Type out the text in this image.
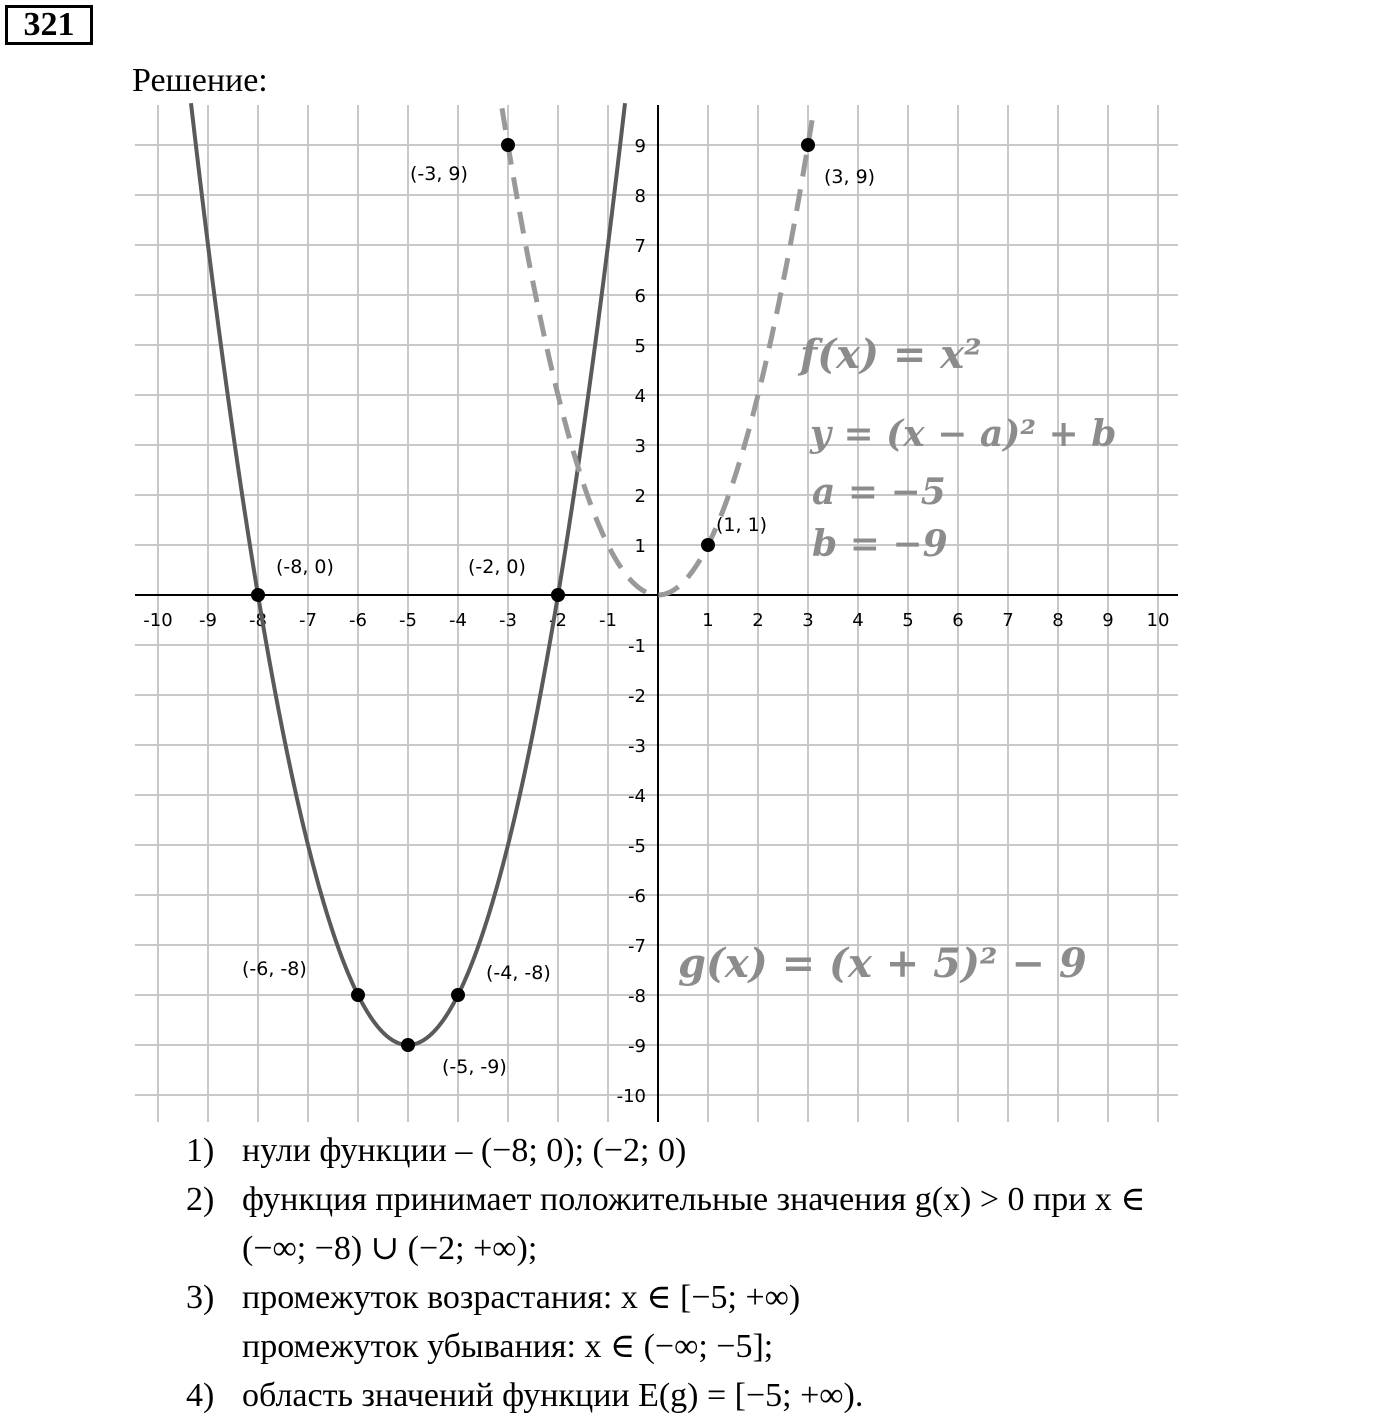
321
Решение:
-10 -9 -8 -7 -6 -5 -4 -3 -2 -1	1 2 3 4 5 6 7 8 9 10
9
8
7
6
5
4
3
2
1
-1
-2
-3
-4
-5
-6
-7
-8
-9
-10
(-3, 9)	(3, 9)
(1, 1)
(-8, 0)	(-2, 0)
(-6, -8)	(-4, -8)
(-5, -9)
f(x) = x²
y = (x − a)² + b
a = −5
b = −9
g(x) = (x + 5)² − 9
1) нули функции – (−8; 0); (−2; 0)
2) функция принимает положительные значения g(x) > 0 при x ∈
(−∞; −8) ∪ (−2; +∞);
3) промежуток возрастания: x ∈ [−5; +∞)
промежуток убывания: x ∈ (−∞; −5];
4) область значений функции E(g) = [−5; +∞).
